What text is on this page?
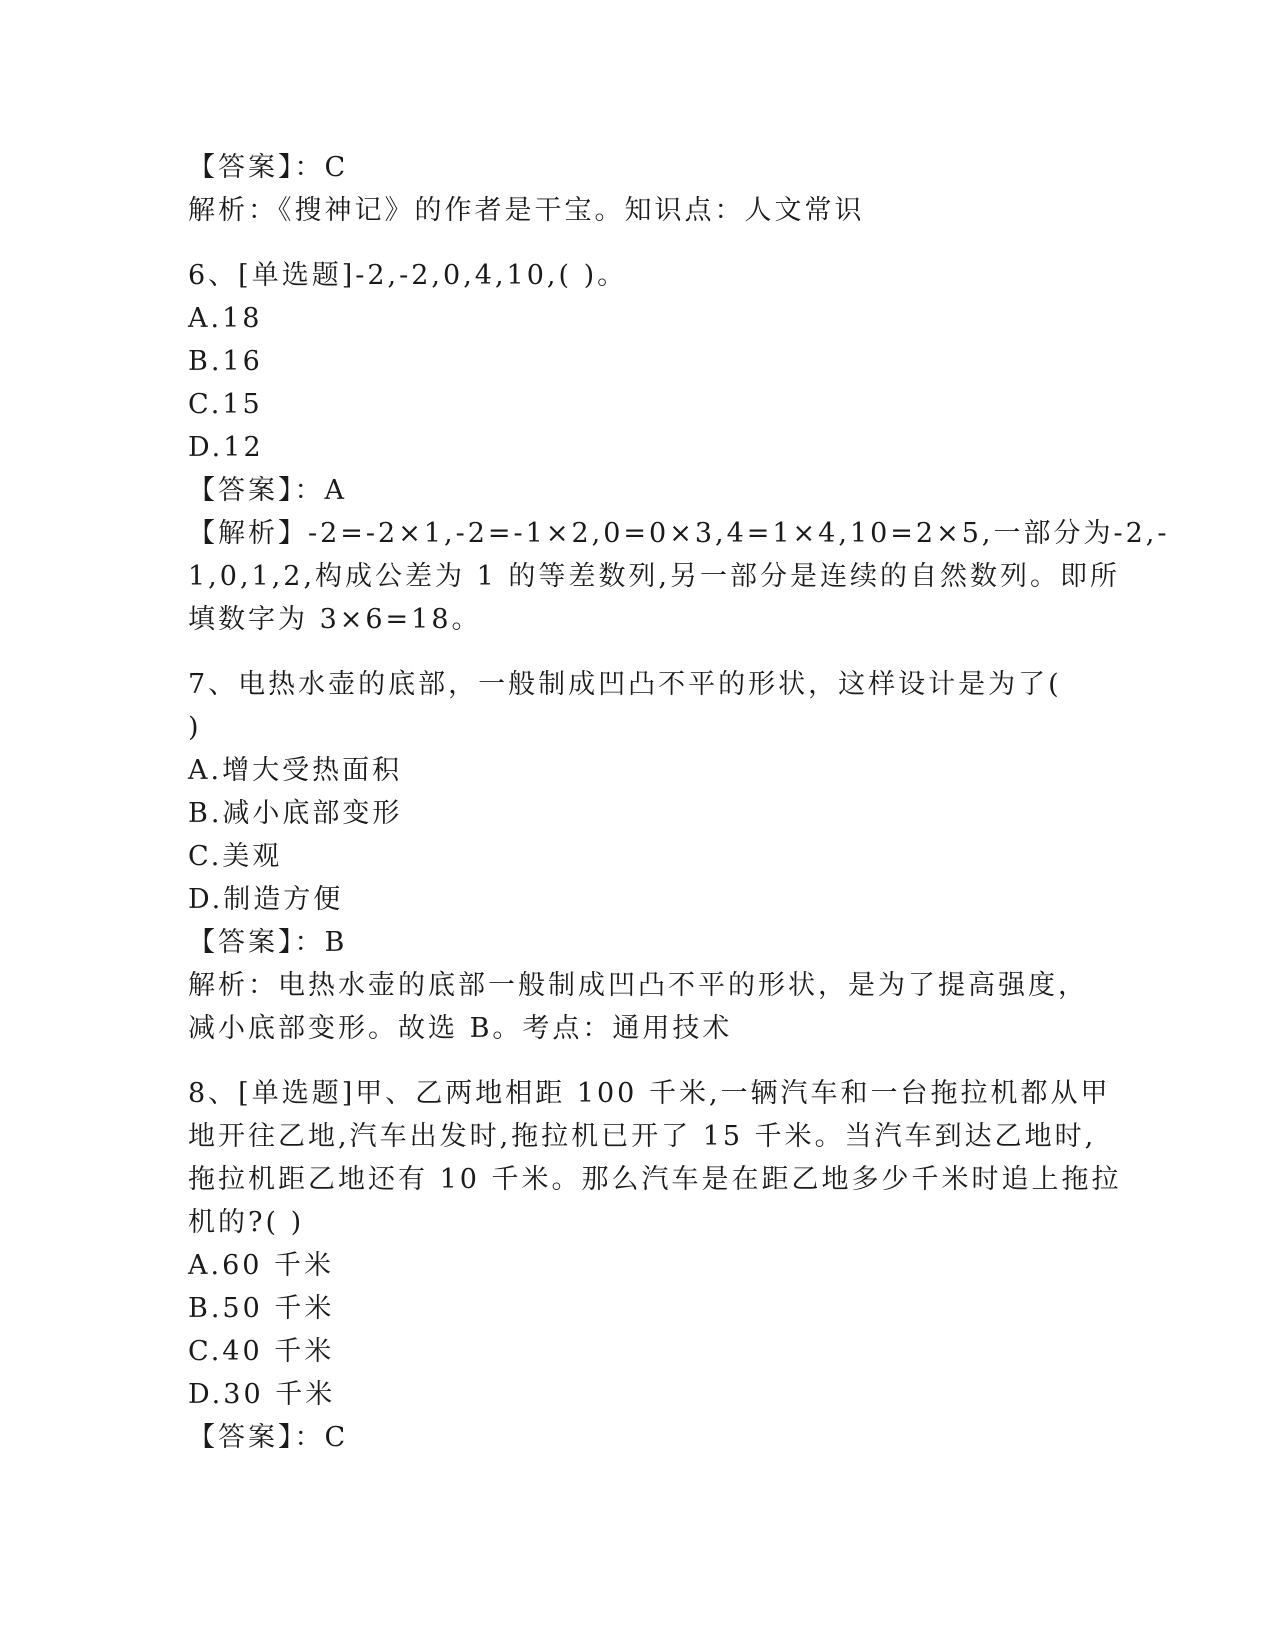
【答案】：C
解析：《搜神记》的作者是干宝。知识点：人文常识
6、[单选题]-2,-2,0,4,10,( )。
A.18
B.16
C.15
D.12
【答案】：A
【解析】-2=-2×1,-2=-1×2,0=0×3,4=1×4,10=2×5,一部分为-2,-
1,0,1,2,构成公差为 1 的等差数列,另一部分是连续的自然数列。即所
填数字为 3×6=18。
7、电热水壶的底部，一般制成凹凸不平的形状，这样设计是为了(
)
A.增大受热面积
B.减小底部变形
C.美观
D.制造方便
【答案】：B
解析：电热水壶的底部一般制成凹凸不平的形状，是为了提高强度，
减小底部变形。故选 B。考点：通用技术
8、[单选题]甲、乙两地相距 100 千米,一辆汽车和一台拖拉机都从甲
地开往乙地,汽车出发时,拖拉机已开了 15 千米。当汽车到达乙地时,
拖拉机距乙地还有 10 千米。那么汽车是在距乙地多少千米时追上拖拉
机的?( )
A.60 千米
B.50 千米
C.40 千米
D.30 千米
【答案】：C
